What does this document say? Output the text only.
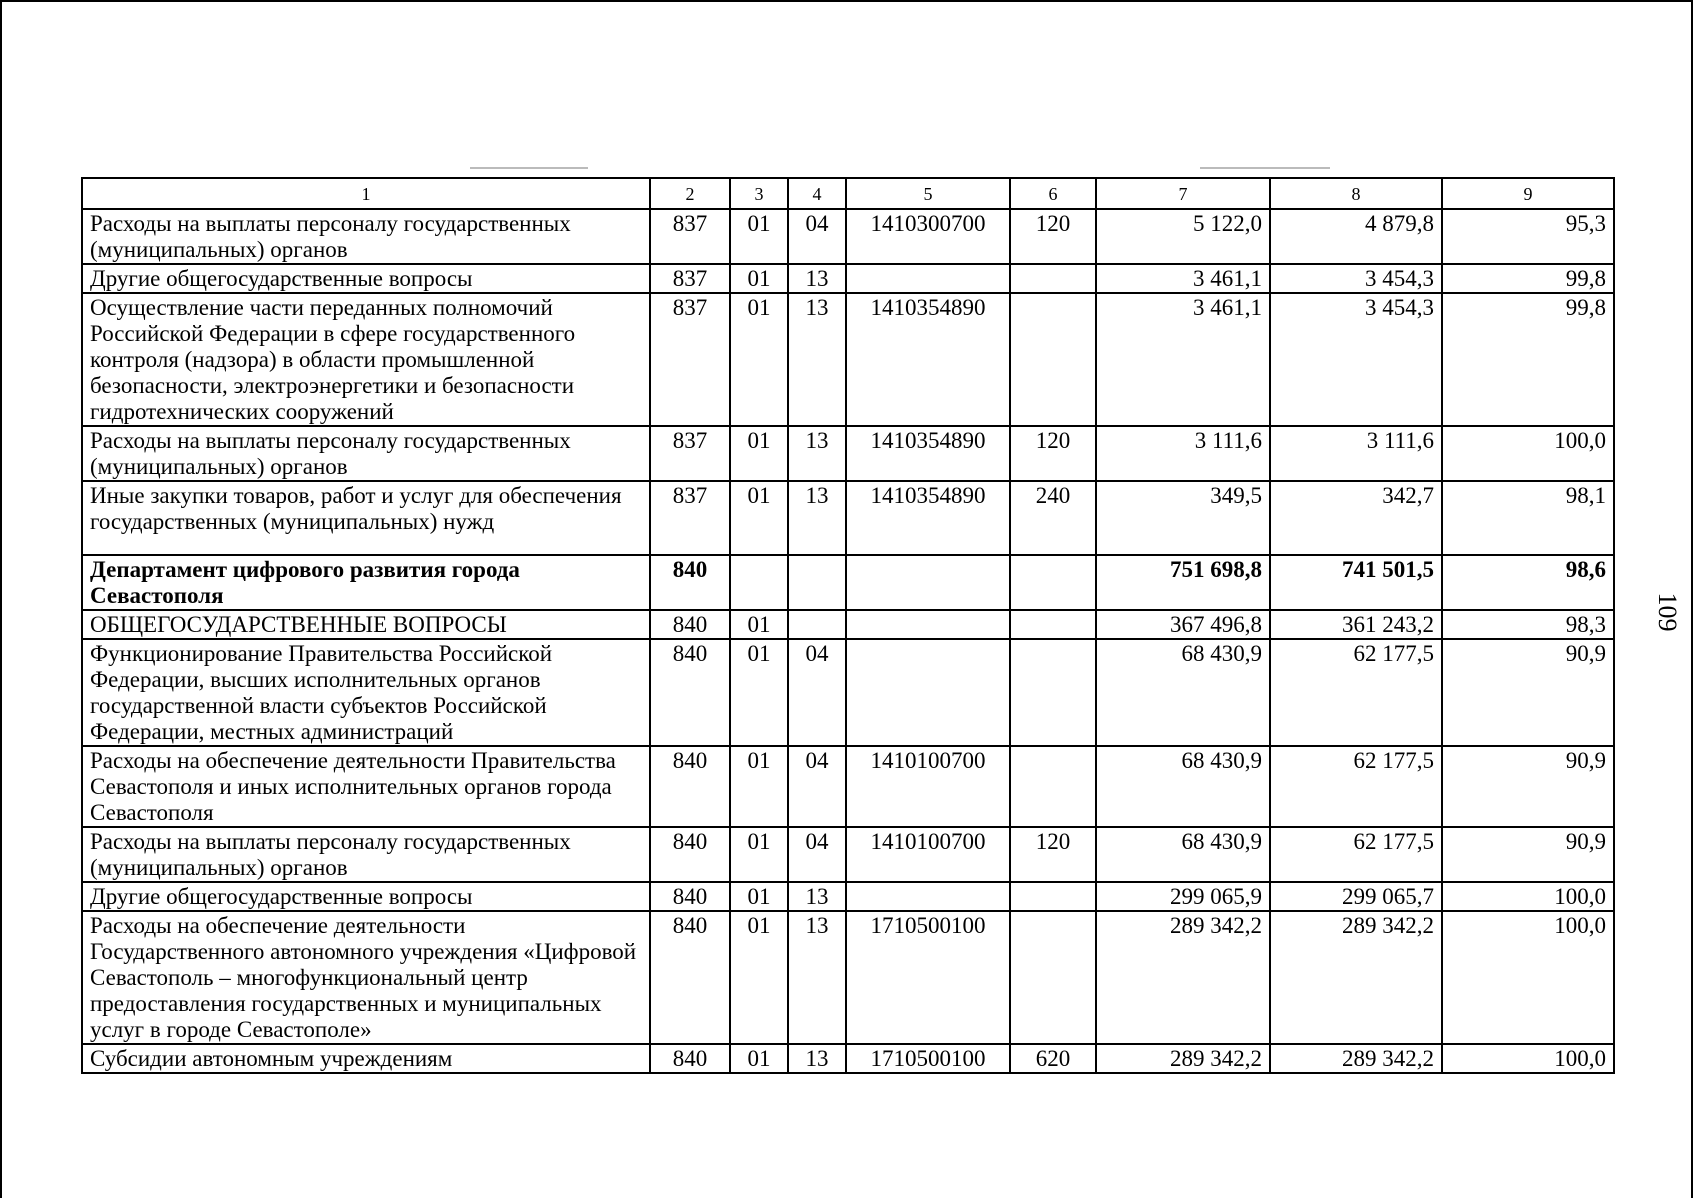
1	2	3	4	5	6	7	8	9
Расходы на выплаты персоналу государственных (муниципальных) органов	837	01	04	1410300700	120	5 122,0	4 879,8	95,3
Другие общегосударственные вопросы	837	01	13			3 461,1	3 454,3	99,8
Осуществление части переданных полномочий Российской Федерации в сфере государственного контроля (надзора) в области промышленной безопасности, электроэнергетики и безопасности гидротехнических сооружений	837	01	13	1410354890		3 461,1	3 454,3	99,8
Расходы на выплаты персоналу государственных (муниципальных) органов	837	01	13	1410354890	120	3 111,6	3 111,6	100,0
Иные закупки товаров, работ и услуг для обеспечения государственных (муниципальных) нужд	837	01	13	1410354890	240	349,5	342,7	98,1
Департамент цифрового развития города Севастополя	840					751 698,8	741 501,5	98,6
ОБЩЕГОСУДАРСТВЕННЫЕ ВОПРОСЫ	840	01				367 496,8	361 243,2	98,3
Функционирование Правительства Российской Федерации, высших исполнительных органов государственной власти субъектов Российской Федерации, местных администраций	840	01	04			68 430,9	62 177,5	90,9
Расходы на обеспечение деятельности Правительства Севастополя и иных исполнительных органов города Севастополя	840	01	04	1410100700		68 430,9	62 177,5	90,9
Расходы на выплаты персоналу государственных (муниципальных) органов	840	01	04	1410100700	120	68 430,9	62 177,5	90,9
Другие общегосударственные вопросы	840	01	13			299 065,9	299 065,7	100,0
Расходы на обеспечение деятельности Государственного автономного учреждения «Цифровой Севастополь – многофункциональный центр предоставления государственных и муниципальных услуг в городе Севастополе»	840	01	13	1710500100		289 342,2	289 342,2	100,0
Субсидии автономным учреждениям	840	01	13	1710500100	620	289 342,2	289 342,2	100,0
109
